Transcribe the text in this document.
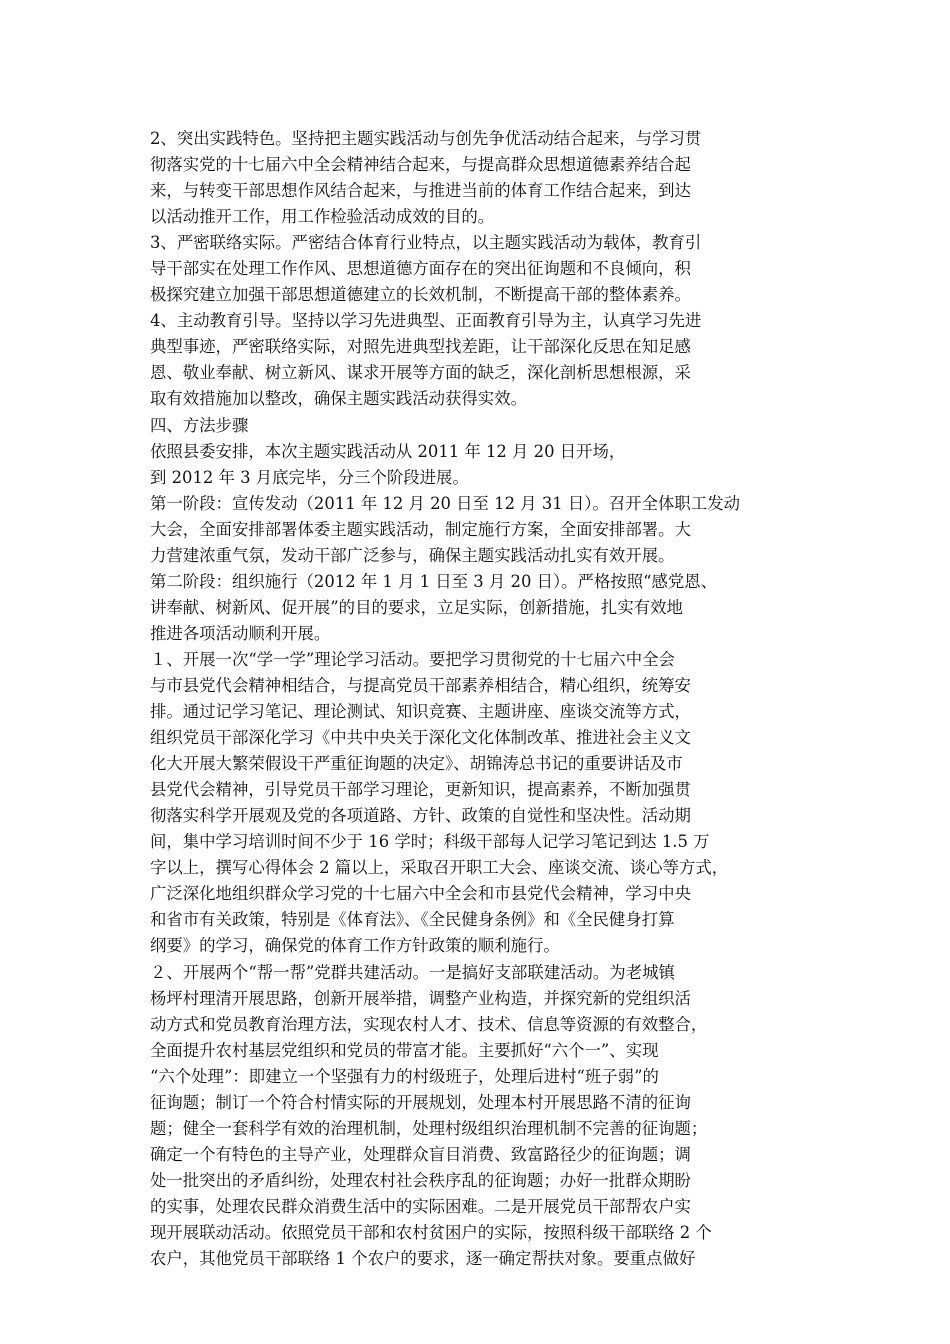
2、突出实践特色。坚持把主题实践活动与创先争优活动结合起来，与学习贯
彻落实党的十七届六中全会精神结合起来，与提高群众思想道德素养结合起
来，与转变干部思想作风结合起来，与推进当前的体育工作结合起来，到达
以活动推开工作，用工作检验活动成效的目的。
3、严密联络实际。严密结合体育行业特点，以主题实践活动为载体，教育引
导干部实在处理工作作风、思想道德方面存在的突出征询题和不良倾向，积
极探究建立加强干部思想道德建立的长效机制，不断提高干部的整体素养。
4、主动教育引导。坚持以学习先进典型、正面教育引导为主，认真学习先进
典型事迹，严密联络实际，对照先进典型找差距，让干部深化反思在知足感
恩、敬业奉献、树立新风、谋求开展等方面的缺乏，深化剖析思想根源，采
取有效措施加以整改，确保主题实践活动获得实效。
四、方法步骤
依照县委安排，本次主题实践活动从 2011 年 12 月 20 日开场，
到 2012 年 3 月底完毕，分三个阶段进展。
第一阶段：宣传发动（2011 年 12 月 20 日至 12 月 31 日）。召开全体职工发动
大会，全面安排部署体委主题实践活动，制定施行方案，全面安排部署。大
力营建浓重气氛，发动干部广泛参与，确保主题实践活动扎实有效开展。
第二阶段：组织施行（2012 年 1 月 1 日至 3 月 20 日）。严格按照“感党恩、
讲奉献、树新风、促开展”的目的要求，立足实际，创新措施，扎实有效地
推进各项活动顺利开展。
１、开展一次“学一学”理论学习活动。要把学习贯彻党的十七届六中全会
与市县党代会精神相结合，与提高党员干部素养相结合，精心组织，统筹安
排。通过记学习笔记、理论测试、知识竞赛、主题讲座、座谈交流等方式，
组织党员干部深化学习《中共中央关于深化文化体制改革、推进社会主义文
化大开展大繁荣假设干严重征询题的决定》、胡锦涛总书记的重要讲话及市
县党代会精神，引导党员干部学习理论，更新知识，提高素养，不断加强贯
彻落实科学开展观及党的各项道路、方针、政策的自觉性和坚决性。活动期
间，集中学习培训时间不少于 16 学时；科级干部每人记学习笔记到达 1.5 万
字以上，撰写心得体会 2 篇以上，采取召开职工大会、座谈交流、谈心等方式，
广泛深化地组织群众学习党的十七届六中全会和市县党代会精神，学习中央
和省市有关政策，特别是《体育法》、《全民健身条例》和《全民健身打算
纲要》的学习，确保党的体育工作方针政策的顺利施行。
２、开展两个“帮一帮”党群共建活动。一是搞好支部联建活动。为老城镇
杨坪村理清开展思路，创新开展举措，调整产业构造，并探究新的党组织活
动方式和党员教育治理方法，实现农村人才、技术、信息等资源的有效整合，
全面提升农村基层党组织和党员的带富才能。主要抓好“六个一”、实现
“六个处理”：即建立一个坚强有力的村级班子，处理后进村“班子弱”的
征询题；制订一个符合村情实际的开展规划，处理本村开展思路不清的征询
题；健全一套科学有效的治理机制，处理村级组织治理机制不完善的征询题；
确定一个有特色的主导产业，处理群众盲目消费、致富路径少的征询题；调
处一批突出的矛盾纠纷，处理农村社会秩序乱的征询题；办好一批群众期盼
的实事，处理农民群众消费生活中的实际困难。二是开展党员干部帮农户实
现开展联动活动。依照党员干部和农村贫困户的实际，按照科级干部联络 2 个
农户，其他党员干部联络 1 个农户的要求，逐一确定帮扶对象。要重点做好
